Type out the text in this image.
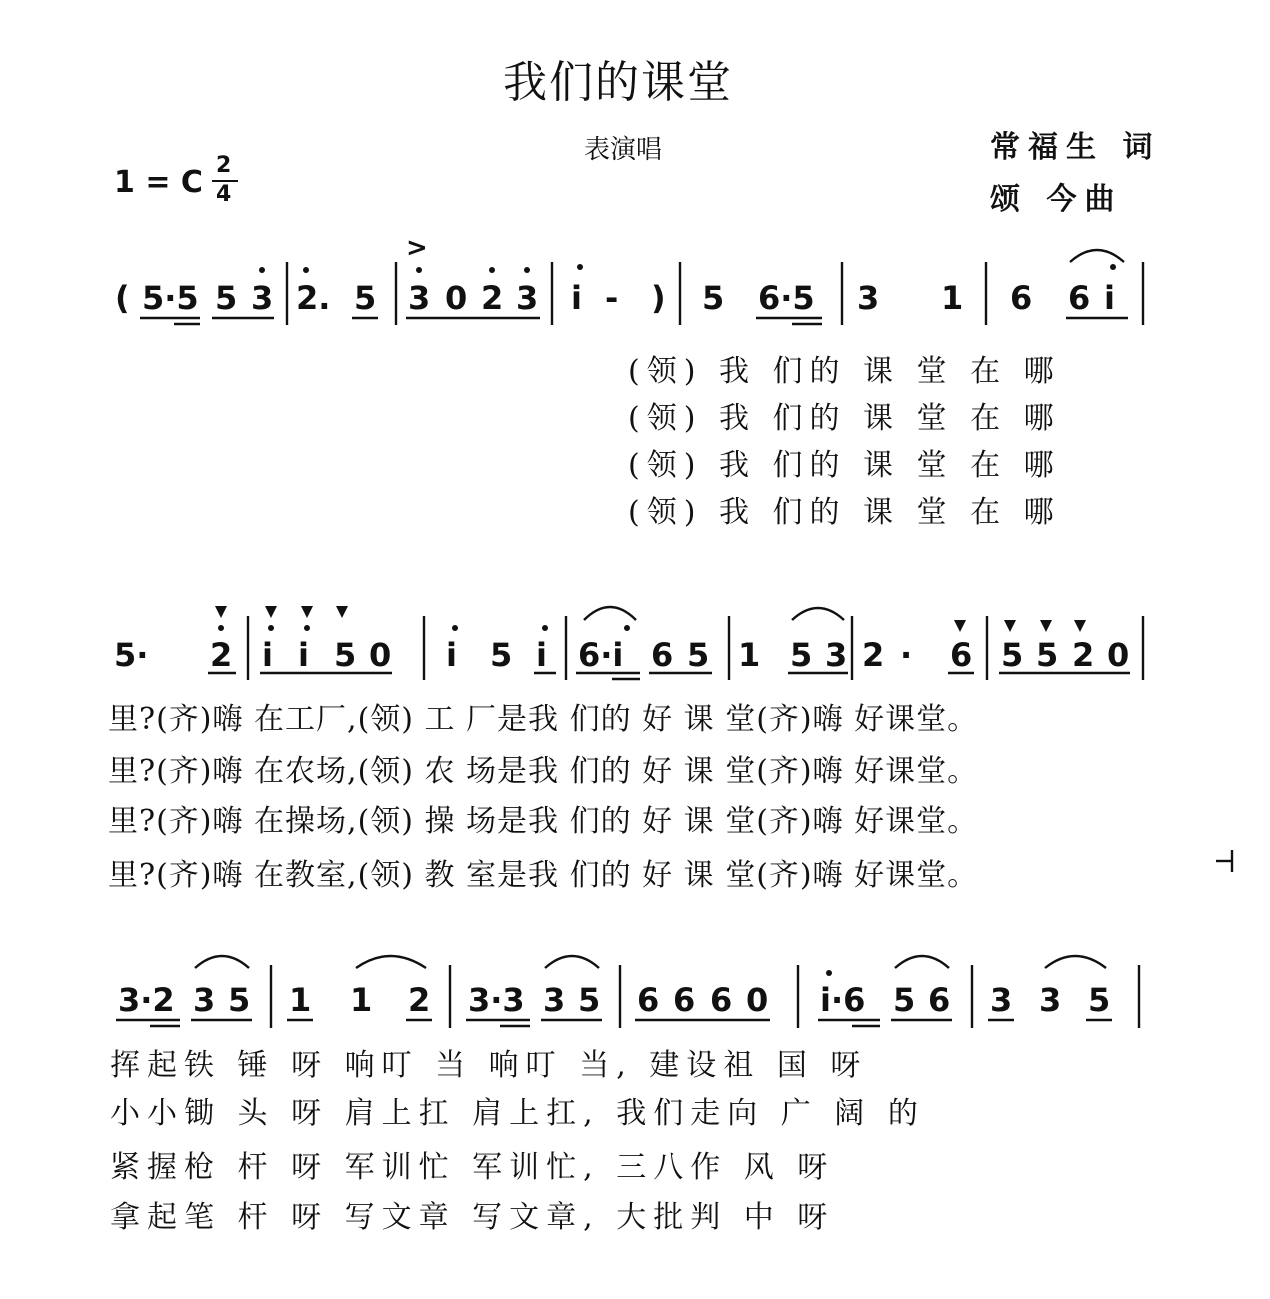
我们的课堂
表演唱	常福生 词
颂 今曲
1 = C 2
4
( 5·5 5 3 2. 5 3 0 2 3 i - ) 5 6·5 3 1 6 6 i
>
5· 2 i i 5 0 i 5 i 6·i 6 5 1 5 3 2 · 6 5 5 2 0
3·2 3 5 1 1 2 3·3 3 5 6 6 6 0 i·6 5 6 3 3 5
(领) 我 们的 课 堂 在 哪
(领) 我 们的 课 堂 在 哪
(领) 我 们的 课 堂 在 哪
(领) 我 们的 课 堂 在 哪
里?(齐)嗨 在工厂,(领) 工 厂是我 们的 好 课 堂(齐)嗨 好课堂。
里?(齐)嗨 在农场,(领) 农 场是我 们的 好 课 堂(齐)嗨 好课堂。
里?(齐)嗨 在操场,(领) 操 场是我 们的 好 课 堂(齐)嗨 好课堂。
里?(齐)嗨 在教室,(领) 教 室是我 们的 好 课 堂(齐)嗨 好课堂。
挥起铁 锤 呀 响叮 当 响叮 当, 建设祖 国 呀
小小锄 头 呀 肩上扛 肩上扛, 我们走向 广 阔 的
紧握枪 杆 呀 军训忙 军训忙, 三八作 风 呀
拿起笔 杆 呀 写文章 写文章, 大批判 中 呀
